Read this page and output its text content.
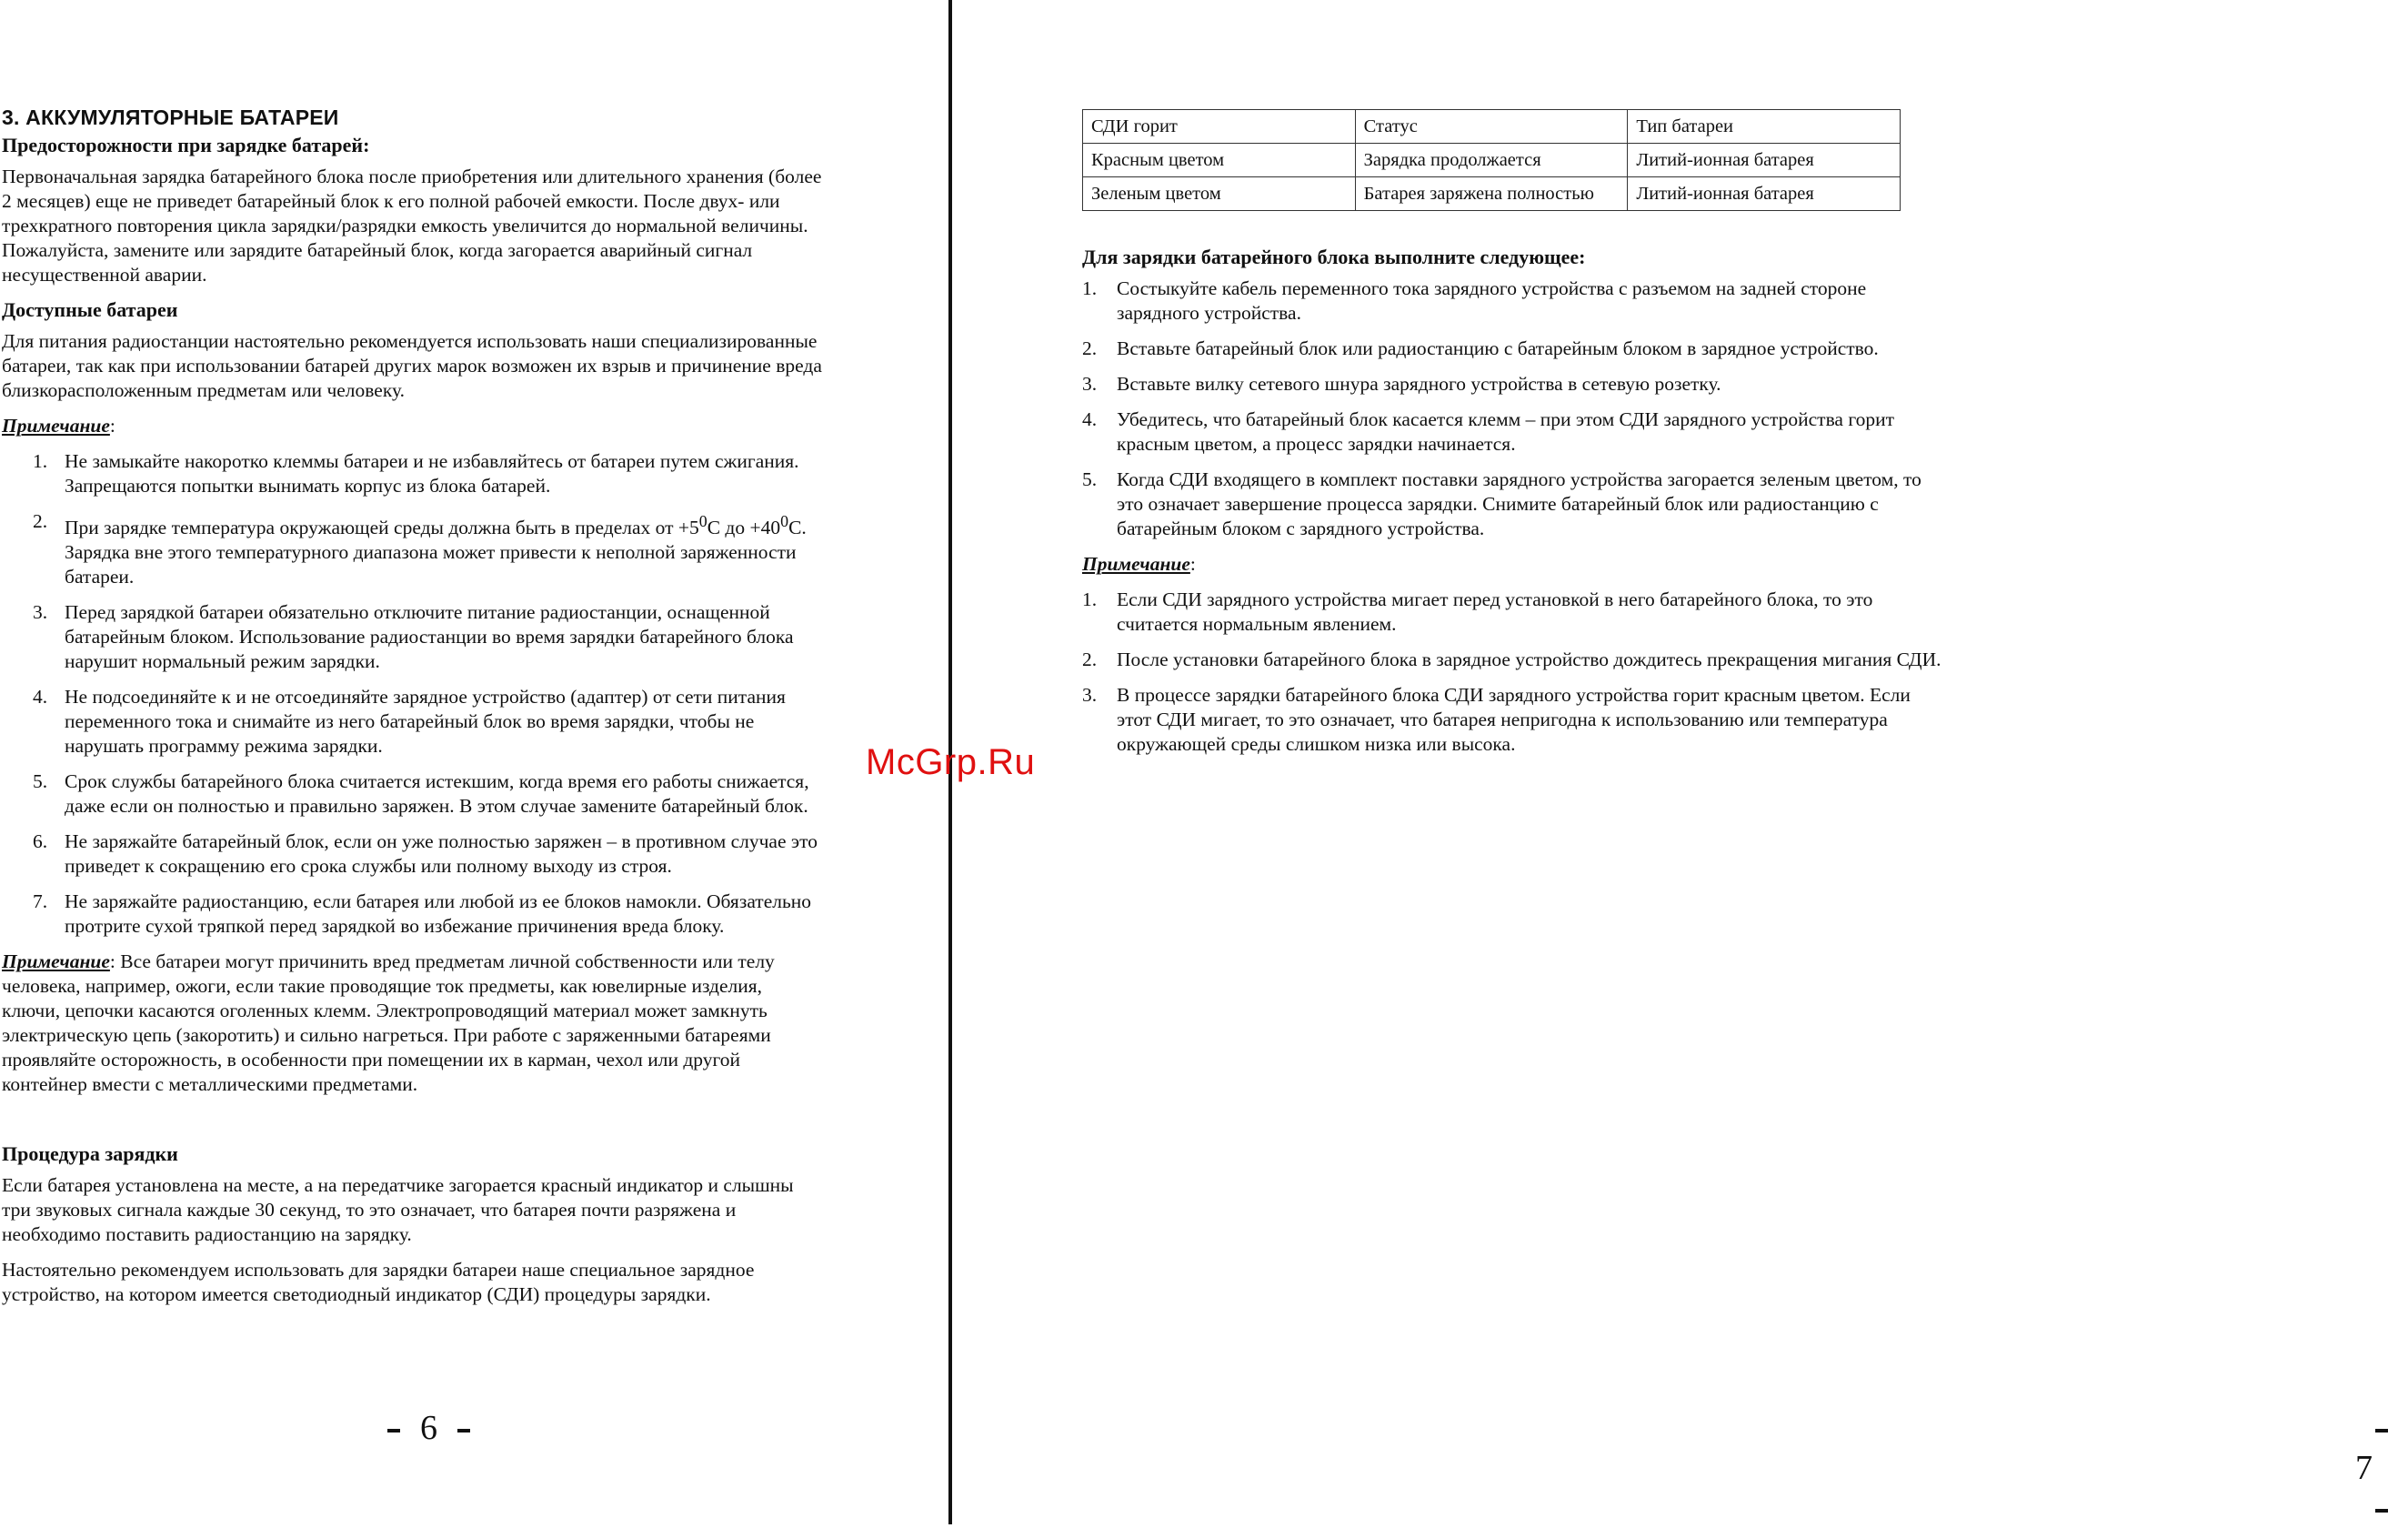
3. АККУМУЛЯТОРНЫЕ БАТАРЕИ
Предосторожности при зарядке батарей:

Первоначальная зарядка батарейного блока после приобретения или длительного хранения (более 2 месяцев) еще не приведет батарейный блок к его полной рабочей емкости. После двух- или трехкратного повторения цикла зарядки/разрядки емкость увеличится до нормальной величины. Пожалуйста, замените или зарядите батарейный блок, когда загорается аварийный сигнал несущественной аварии.

Доступные батареи

Для питания радиостанции настоятельно рекомендуется использовать наши специализированные батареи, так как при использовании батарей других марок возможен их взрыв и причинение вреда близкорасположенным предметам или человеку.

Примечание:

1. Не замыкайте накоротко клеммы батареи и не избавляйтесь от батареи путем сжигания. Запрещаются попытки вынимать корпус из блока батарей.
2. При зарядке температура окружающей среды должна быть в пределах от $+5^0С$ до $+40^0С$. Зарядка вне этого температурного диапазона может привести к неполной заряженности батареи.
3. Перед зарядкой батареи обязательно отключите питание радиостанции, оснащенной батарейным блоком. Использование радиостанции во время зарядки батарейного блока нарушит нормальный режим зарядки.
4. Не подсоединяйте к и не отсоединяйте зарядное устройство (адаптер) от сети питания переменного тока и снимайте из него батарейный блок во время зарядки, чтобы не нарушать программу режима зарядки.
5. Срок службы батарейного блока считается истекшим, когда время его работы снижается, даже если он полностью и правильно заряжен. В этом случае замените батарейный блок.
6. Не заряжайте батарейный блок, если он уже полностью заряжен – в противном случае это приведет к сокращению его срока службы или полному выходу из строя.
7. Не заряжайте радиостанцию, если батарея или любой из ее блоков намокли. Обязательно протрите сухой тряпкой перед зарядкой во избежание причинения вреда блоку.

Примечание: Все батареи могут причинить вред предметам личной собственности или телу человека, например, ожоги, если такие проводящие ток предметы, как ювелирные изделия, ключи, цепочки касаются оголенных клемм. Электропроводящий материал может замкнуть электрическую цепь (закоротить) и сильно нагреться. При работе с заряженными батареями проявляйте осторожность, в особенности при помещении их в карман, чехол или другой контейнер вмести с металлическими предметами.

Процедура зарядки

Если батарея установлена на месте, а на передатчике загорается красный индикатор и слышны три звуковых сигнала каждые 30 секунд, то это означает, что батарея почти разряжена и необходимо поставить радиостанцию на зарядку.

Настоятельно рекомендуем использовать для зарядки батареи наше специальное зарядное устройство, на котором имеется светодиодный индикатор (СДИ) процедуры зарядки.

6
СДИ горит	Статус	Тип батареи
Красным цветом	Зарядка продолжается	Литий-ионная батарея
Зеленым цветом	Батарея заряжена полностью	Литий-ионная батарея
Для зарядки батарейного блока выполните следующее:
1. Состыкуйте кабель переменного тока зарядного устройства с разъемом на задней стороне зарядного устройства.
2. Вставьте батарейный блок или радиостанцию с батарейным блоком в зарядное устройство.
3. Вставьте вилку сетевого шнура зарядного устройства в сетевую розетку.
4. Убедитесь, что батарейный блок касается клемм – при этом СДИ зарядного устройства горит красным цветом, а процесс зарядки начинается.
5. Когда СДИ входящего в комплект поставки зарядного устройства загорается зеленым цветом, то это означает завершение процесса зарядки. Снимите батарейный блок или радиостанцию с батарейным блоком с зарядного устройства.

Примечание:

1. Если СДИ зарядного устройства мигает перед установкой в него батарейного блока, то это считается нормальным явлением.
2. После установки батарейного блока в зарядное устройство дождитесь прекращения мигания СДИ.
3. В процессе зарядки батарейного блока СДИ зарядного устройства горит красным цветом. Если этот СДИ мигает, то это означает, что батарея непригодна к использованию или температура окружающей среды слишком низка или высока.
7
McGrp.Ru
